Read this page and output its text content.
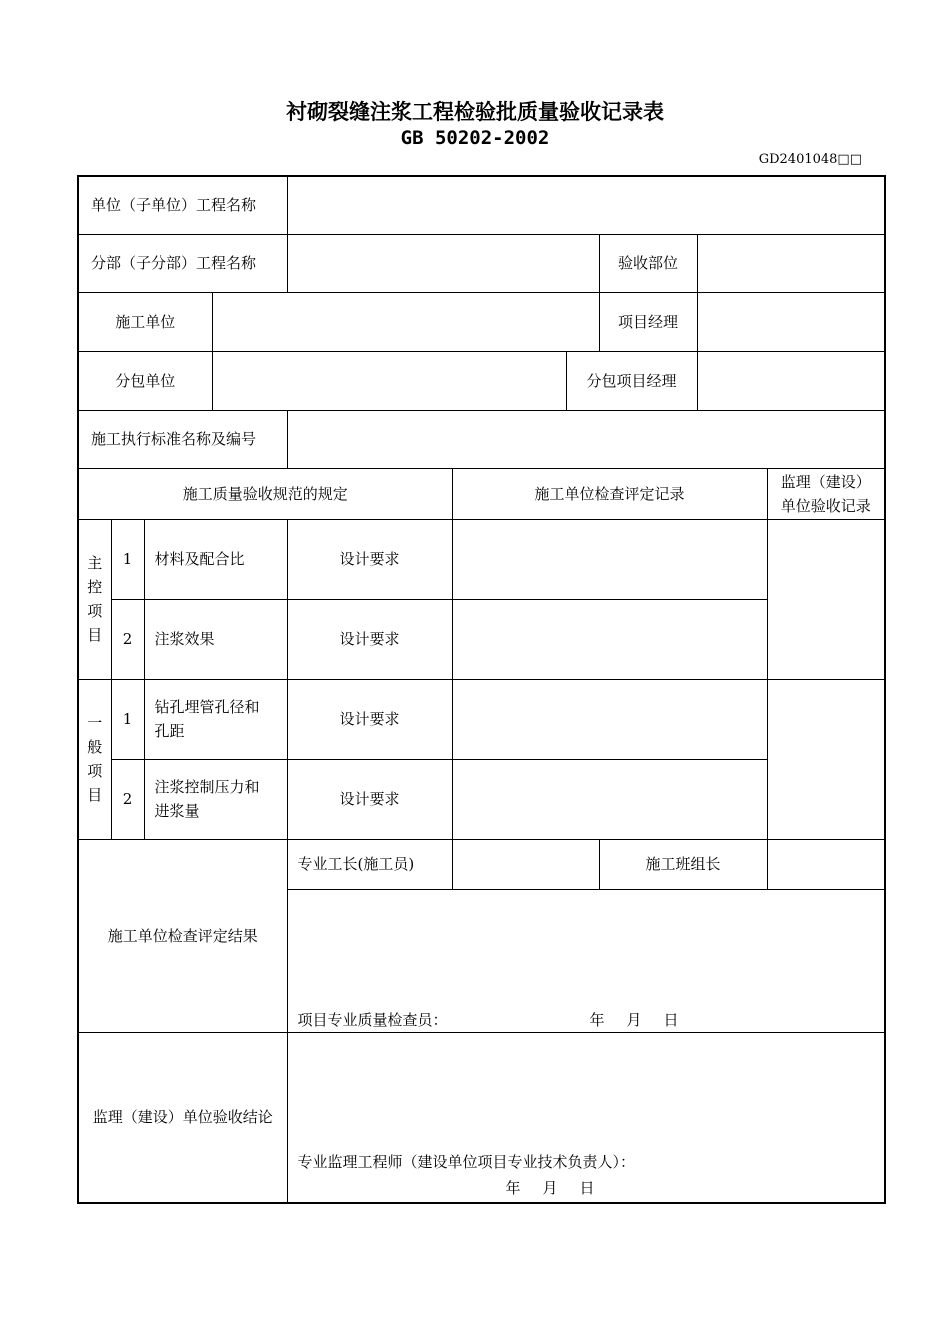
衬砌裂缝注浆工程检验批质量验收记录表
GB 50202-2002
GD2401048□□
单位（子单位）工程名称									
分部（子分部）工程名称							验收部位		
施工单位							项目经理		
分包单位						分包项目经理			
施工执行标准名称及编号									
施工质量验收规范的规定					施工单位检查评定记录				监理（建设）
单位验收记录

主控项目	1	材料及配合比		设计要求					
	2	注浆效果		设计要求					

一般项目	1	钻孔埋管孔径和
孔距		设计要求					
	2	注浆控制压力和
进浆量		设计要求					
施工单位检查评定结果				专业工长(施工员)			施工班组长		

				项目专业质量检查员： 年 月 日					

监理（建设）单位验收结论				专业监理工程师（建设单位项目专业技术负责人）：
年 月 日					
